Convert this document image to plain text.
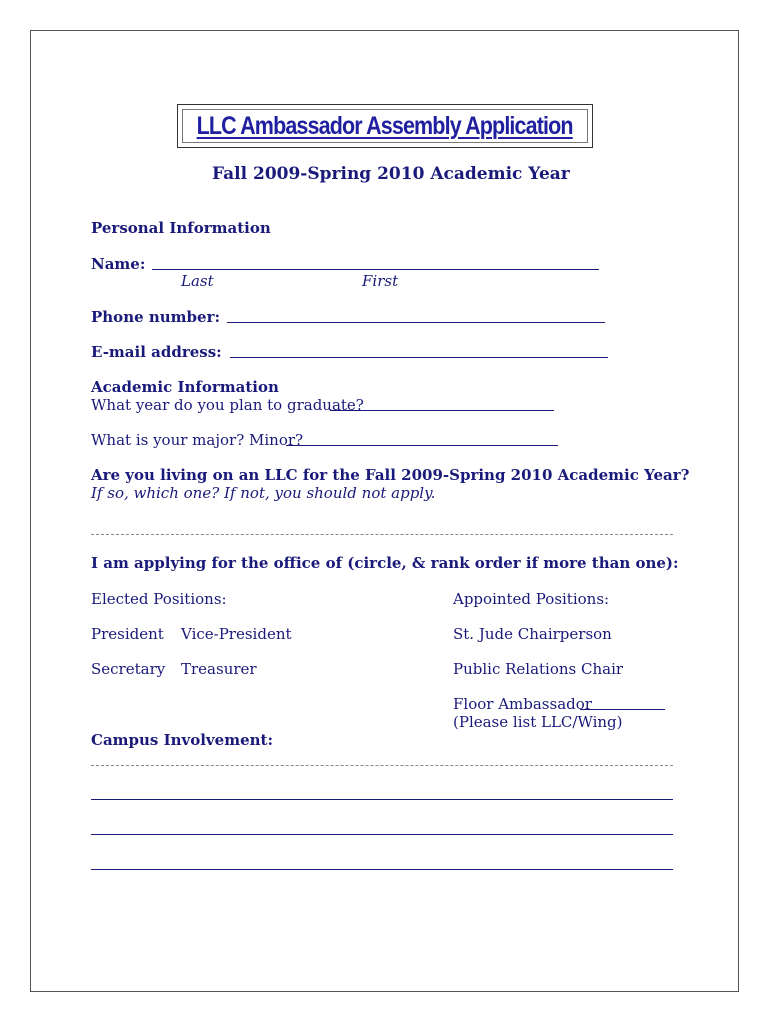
LLC Ambassador Assembly Application
Fall 2009-Spring 2010 Academic Year
Personal Information
Name:
Last	First
Phone number:
E-mail address:
Academic Information
What year do you plan to graduate?
What is your major? Minor?
Are you living on an LLC for the Fall 2009-Spring 2010 Academic Year?
If so, which one? If not, you should not apply.
I am applying for the office of (circle, & rank order if more than one):
Elected Positions:	Appointed Positions:
President Vice-President	St. Jude Chairperson
Secretary Treasurer	Public Relations Chair
Floor Ambassador
(Please list LLC/Wing)
Campus Involvement:
